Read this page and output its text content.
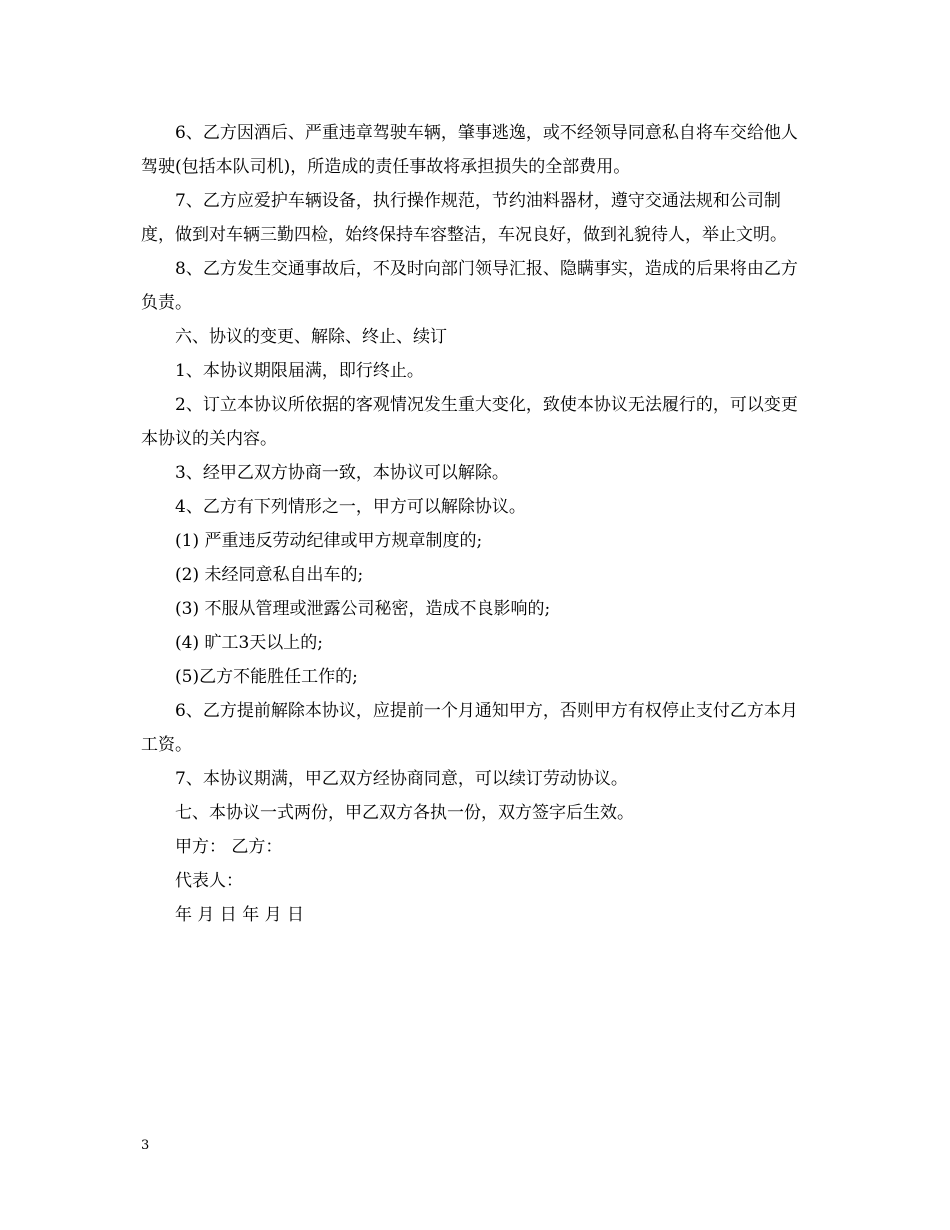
6、乙方因酒后、严重违章驾驶车辆，肇事逃逸，或不经领导同意私自将车交给他人驾驶(包括本队司机)，所造成的责任事故将承担损失的全部费用。

7、乙方应爱护车辆设备，执行操作规范，节约油料器材，遵守交通法规和公司制度，做到对车辆三勤四检，始终保持车容整洁，车况良好，做到礼貌待人，举止文明。

8、乙方发生交通事故后，不及时向部门领导汇报、隐瞒事实，造成的后果将由乙方负责。

六、协议的变更、解除、终止、续订

1、本协议期限届满，即行终止。

2、订立本协议所依据的客观情况发生重大变化，致使本协议无法履行的，可以变更本协议的关内容。

3、经甲乙双方协商一致，本协议可以解除。

4、乙方有下列情形之一，甲方可以解除协议。

(1) 严重违反劳动纪律或甲方规章制度的;

(2) 未经同意私自出车的;

(3) 不服从管理或泄露公司秘密，造成不良影响的;

(4) 旷工3天以上的;

(5)乙方不能胜任工作的;

6、乙方提前解除本协议，应提前一个月通知甲方，否则甲方有权停止支付乙方本月工资。

7、本协议期满，甲乙双方经协商同意，可以续订劳动协议。

七、本协议一式两份，甲乙双方各执一份，双方签字后生效。

甲方： 乙方：

代表人：

年 月 日 年 月 日

3
